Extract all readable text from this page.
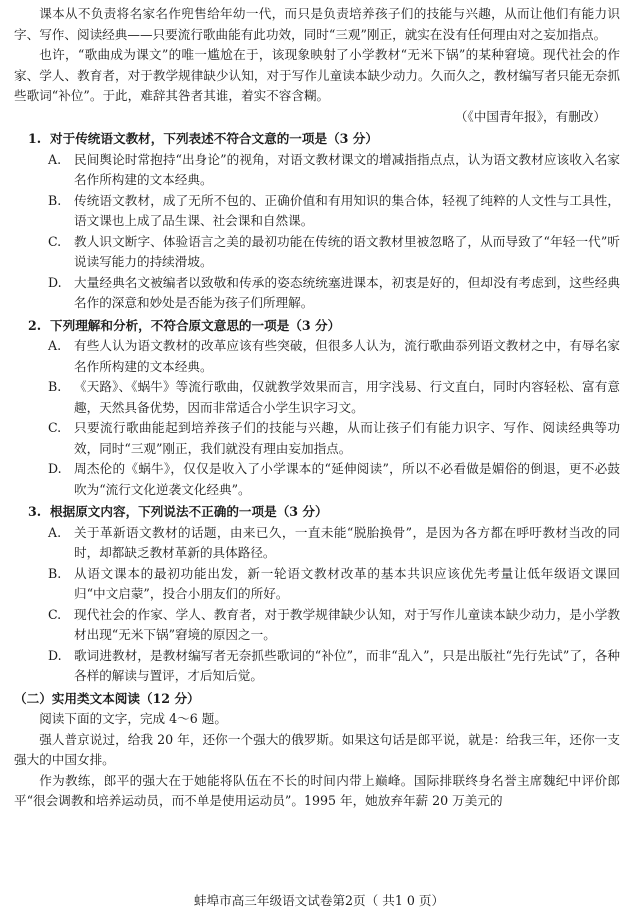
课本从不负责将名家名作兜售给年幼一代，而只是负责培养孩子们的技能与兴趣，从而让他们有能力识字、写作、阅读经典——只要流行歌曲能有此功效，同时“三观”刚正，就实在没有任何理由对之妄加指点。

也许，“歌曲成为课文”的唯一尴尬在于，该现象映射了小学教材“无米下锅”的某种窘境。现代社会的作家、学人、教育者，对于教学规律缺少认知，对于写作儿童读本缺少动力。久而久之，教材编写者只能无奈抓些歌词“补位”。于此，难辞其咎者其谁，着实不容含糊。

（《中国青年报》，有删改）

1. 对于传统语文教材，下列表述不符合文意的一项是（3 分）

A.	民间舆论时常抱持“出身论”的视角，对语文教材课文的增减指指点点，认为语文教材应该收入名家名作所构建的文本经典。
B.	传统语文教材，成了无所不包的、正确价值和有用知识的集合体，轻视了纯粹的人文性与工具性，语文课也上成了品生课、社会课和自然课。
C.	教人识文断字、体验语言之美的最初功能在传统的语文教材里被忽略了，从而导致了“年轻一代”听说读写能力的持续滑坡。
D. 大量经典名文被编者以致敬和传承的姿态统统塞进课本，初衷是好的，但却没有考虑到，这些经典名作的深意和妙处是否能为孩子们所理解。

2. 下列理解和分析，不符合原文意思的一项是（3 分）

A.	有些人认为语文教材的改革应该有些突破，但很多人认为，流行歌曲忝列语文教材之中，有辱名家名作所构建的文本经典。
B.	《天路》、《蜗牛》等流行歌曲，仅就教学效果而言，用字浅易、行文直白，同时内容轻松、富有意趣，天然具备优势，因而非常适合小学生识字习文。
C.	只要流行歌曲能起到培养孩子们的技能与兴趣，从而让孩子们有能力识字、写作、阅读经典等功效，同时“三观”刚正，我们就没有理由妄加指点。
D. 周杰伦的《蜗牛》，仅仅是收入了小学课本的“延伸阅读”，所以不必看做是媚俗的倒退，更不必鼓吹为“流行文化逆袭文化经典”。

3. 根据原文内容，下列说法不正确的一项是（3 分）

A.	关于革新语文教材的话题，由来已久，一直未能“脱胎换骨”，是因为各方都在呼吁教材当改的同时，却都缺乏教材革新的具体路径。
B.	从语文课本的最初功能出发，新一轮语文教材改革的基本共识应该优先考量让低年级语文课回归“中文启蒙”，投合小朋友们的所好。
C.	现代社会的作家、学人、教育者，对于教学规律缺少认知，对于写作儿童读本缺少动力，是小学教材出现“无米下锅”窘境的原因之一。
D. 歌词进教材，是教材编写者无奈抓些歌词的“补位”，而非“乱入”，只是出版社“先行先试”了，各种各样的解读与置评，才后知后觉。

（二）实用类文本阅读（12 分）

阅读下面的文字，完成 4～6 题。

强人普京说过，给我 20 年，还你一个强大的俄罗斯。如果这句话是郎平说，就是：给我三年，还你一支强大的中国女排。

作为教练，郎平的强大在于她能将队伍在不长的时间内带上巅峰。国际排联终身名誉主席魏纪中评价郎平“很会调教和培养运动员，而不单是使用运动员”。1995 年，她放弃年薪 20 万美元的

蚌埠市高三年级语文试卷第2页（ 共1 0 页）
